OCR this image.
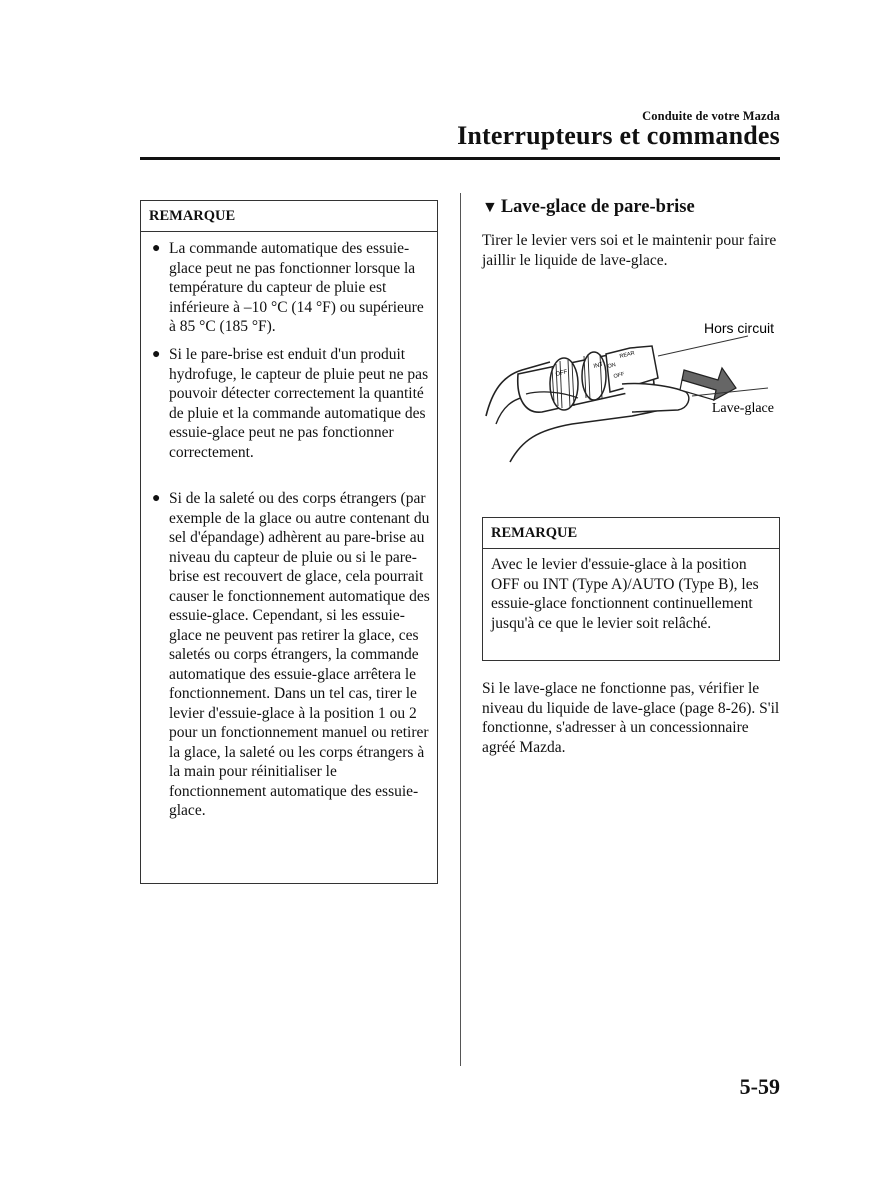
Conduite de votre Mazda
Interrupteurs et commandes
REMARQUE
● La commande automatique des essuie-glace peut ne pas fonctionner lorsque la température du capteur de pluie est inférieure à –10 °C (14 °F) ou supérieure à 85 °C (185 °F).
● Si le pare-brise est enduit d'un produit hydrofuge, le capteur de pluie peut ne pas pouvoir détecter correctement la quantité de pluie et la commande automatique des essuie-glace peut ne pas fonctionner correctement.
● Si de la saleté ou des corps étrangers (par exemple de la glace ou autre contenant du sel d'épandage) adhèrent au pare-brise au niveau du capteur de pluie ou si le pare-brise est recouvert de glace, cela pourrait causer le fonctionnement automatique des essuie-glace. Cependant, si les essuie-glace ne peuvent pas retirer la glace, ces saletés ou corps étrangers, la commande automatique des essuie-glace arrêtera le fonctionnement. Dans un tel cas, tirer le levier d'essuie-glace à la position 1 ou 2 pour un fonctionnement manuel ou retirer la glace, la saleté ou les corps étrangers à la main pour réinitialiser le fonctionnement automatique des essuie-glace.
▼ Lave-glace de pare-brise
Tirer le levier vers soi et le maintenir pour faire jaillir le liquide de lave-glace.
OFF
INT
OFF
REAR
ON
Hors circuit
Lave-glace
REMARQUE
Avec le levier d'essuie-glace à la position OFF ou INT (Type A)/AUTO (Type B), les essuie-glace fonctionnent continuellement jusqu'à ce que le levier soit relâché.
Si le lave-glace ne fonctionne pas, vérifier le niveau du liquide de lave-glace (page 8-26). S'il fonctionne, s'adresser à un concessionnaire agréé Mazda.
5-59
